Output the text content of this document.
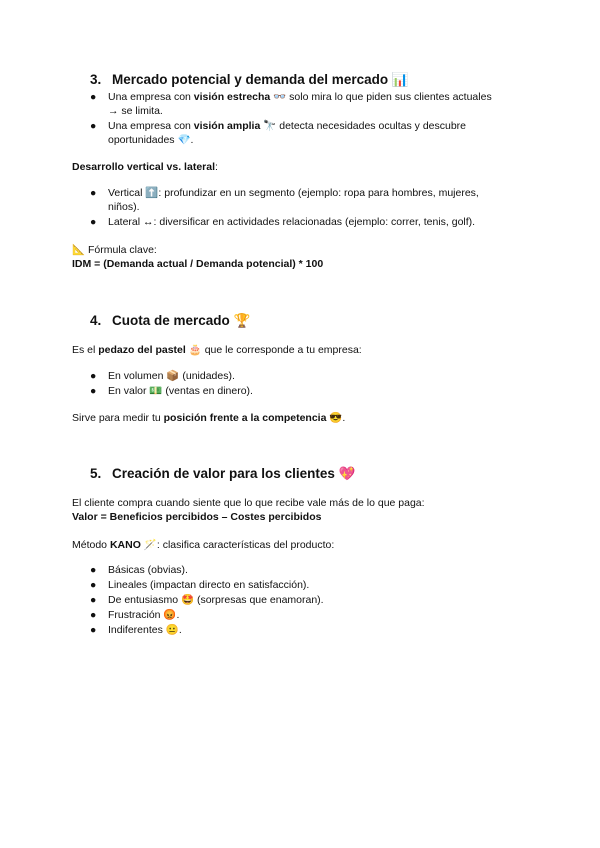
3. Mercado potencial y demanda del mercado 📊
● Una empresa con visión estrecha 👓 solo mira lo que piden sus clientes actuales
→ se limita.
● Una empresa con visión amplia 🔭 detecta necesidades ocultas y descubre
oportunidades 💎.
Desarrollo vertical vs. lateral:
● Vertical ⬆️: profundizar en un segmento (ejemplo: ropa para hombres, mujeres,
niños).
● Lateral ↔: diversificar en actividades relacionadas (ejemplo: correr, tenis, golf).
📐 Fórmula clave:
IDM = (Demanda actual / Demanda potencial) * 100
4. Cuota de mercado 🏆
Es el pedazo del pastel 🎂 que le corresponde a tu empresa:
● En volumen 📦 (unidades).
● En valor 💵 (ventas en dinero).
Sirve para medir tu posición frente a la competencia 😎.
5. Creación de valor para los clientes 💖
El cliente compra cuando siente que lo que recibe vale más de lo que paga:
Valor = Beneficios percibidos – Costes percibidos
Método KANO 🪄: clasifica características del producto:
● Básicas (obvias).
● Lineales (impactan directo en satisfacción).
● De entusiasmo 🤩 (sorpresas que enamoran).
● Frustración 😡.
● Indiferentes 😐.
